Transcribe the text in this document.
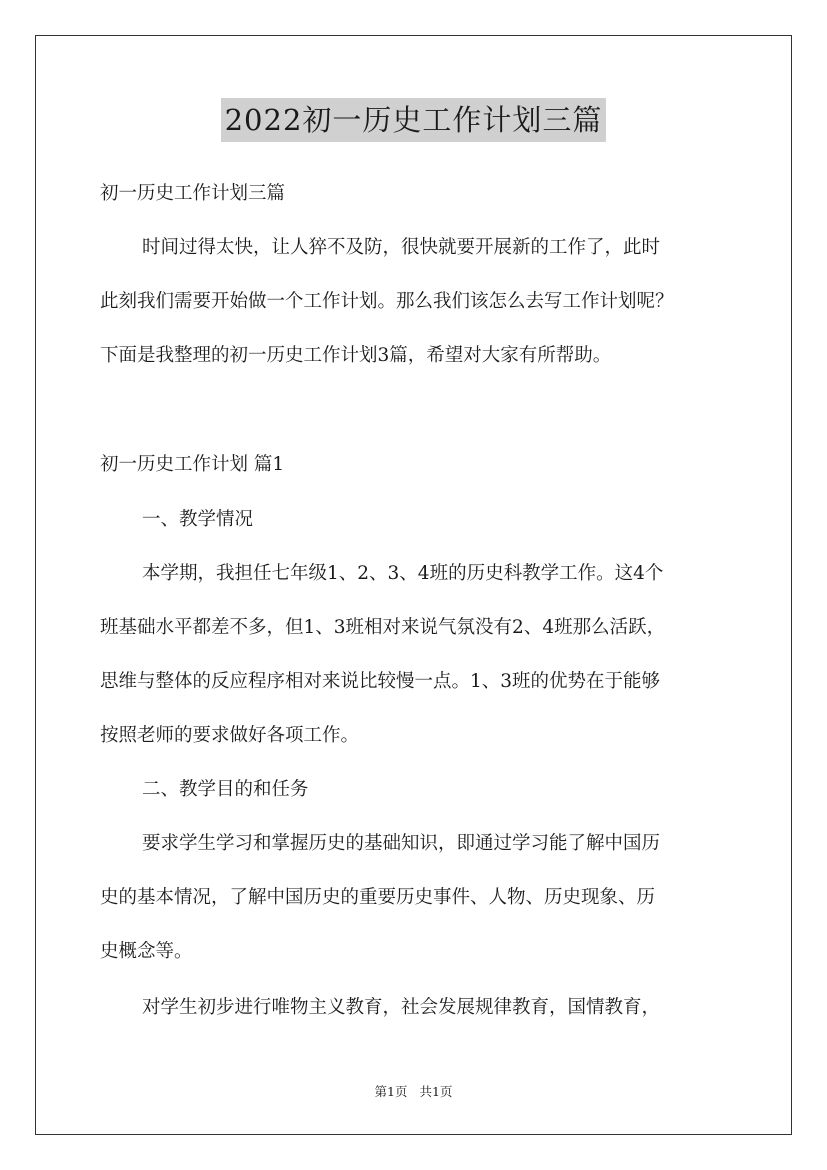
2022初一历史工作计划三篇
初一历史工作计划三篇
时间过得太快，让人猝不及防，很快就要开展新的工作了，此时
此刻我们需要开始做一个工作计划。那么我们该怎么去写工作计划呢？
下面是我整理的初一历史工作计划3篇，希望对大家有所帮助。
初一历史工作计划 篇1
一、教学情况
本学期，我担任七年级1、2、3、4班的历史科教学工作。这4个
班基础水平都差不多，但1、3班相对来说气氛没有2、4班那么活跃，
思维与整体的反应程序相对来说比较慢一点。1、3班的优势在于能够
按照老师的要求做好各项工作。
二、教学目的和任务
要求学生学习和掌握历史的基础知识，即通过学习能了解中国历
史的基本情况，了解中国历史的重要历史事件、人物、历史现象、历
史概念等。
对学生初步进行唯物主义教育，社会发展规律教育，国情教育，
第1页 共1页
